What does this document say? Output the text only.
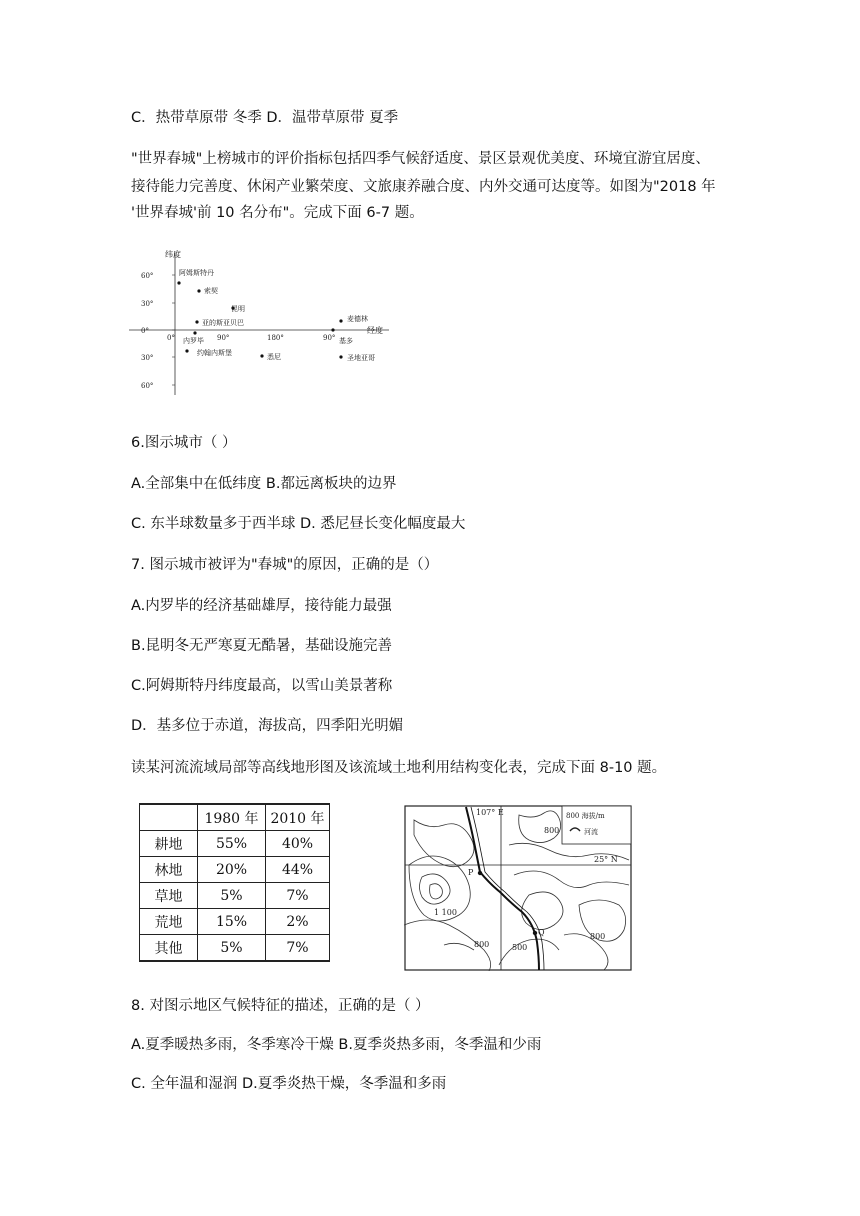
C．热带草原带 冬季 D．温带草原带 夏季
"世界春城"上榜城市的评价指标包括四季气候舒适度、景区景观优美度、环境宜游宜居度、
接待能力完善度、休闲产业繁荣度、文旅康养融合度、内外交通可达度等。如图为"2018 年
'世界春城'前 10 名分布"。完成下面 6-7 题。
纬度
经度
60°
30°
0°
30°
60°
0°	90°	180°	90°
阿姆斯特丹
索契
昆明
亚的斯亚贝巴
内罗毕
约翰内斯堡	悉尼
麦德林
基多
圣地亚哥
6.图示城市（ ）
A.全部集中在低纬度 B.都远离板块的边界
C. 东半球数量多于西半球 D. 悉尼昼长变化幅度最大
7. 图示城市被评为"春城"的原因，正确的是（）
A.内罗毕的经济基础雄厚，接待能力最强
B.昆明冬无严寒夏无酷暑，基础设施完善
C.阿姆斯特丹纬度最高，以雪山美景著称
D．基多位于赤道，海拔高，四季阳光明媚
读某河流流域局部等高线地形图及该流域土地利用结构变化表，完成下面 8-10 题。
	1980 年	2010 年
耕地	55%	40%
林地	20%	44%
草地	5%	7%
荒地	15%	2%
其他	5%	7%
800 海拔/m
河流
107° E
25° N
P
Q
800
1 100
800	500
800
8. 对图示地区气候特征的描述，正确的是（ ）
A.夏季暖热多雨，冬季寒冷干燥 B.夏季炎热多雨，冬季温和少雨
C. 全年温和湿润 D.夏季炎热干燥，冬季温和多雨
